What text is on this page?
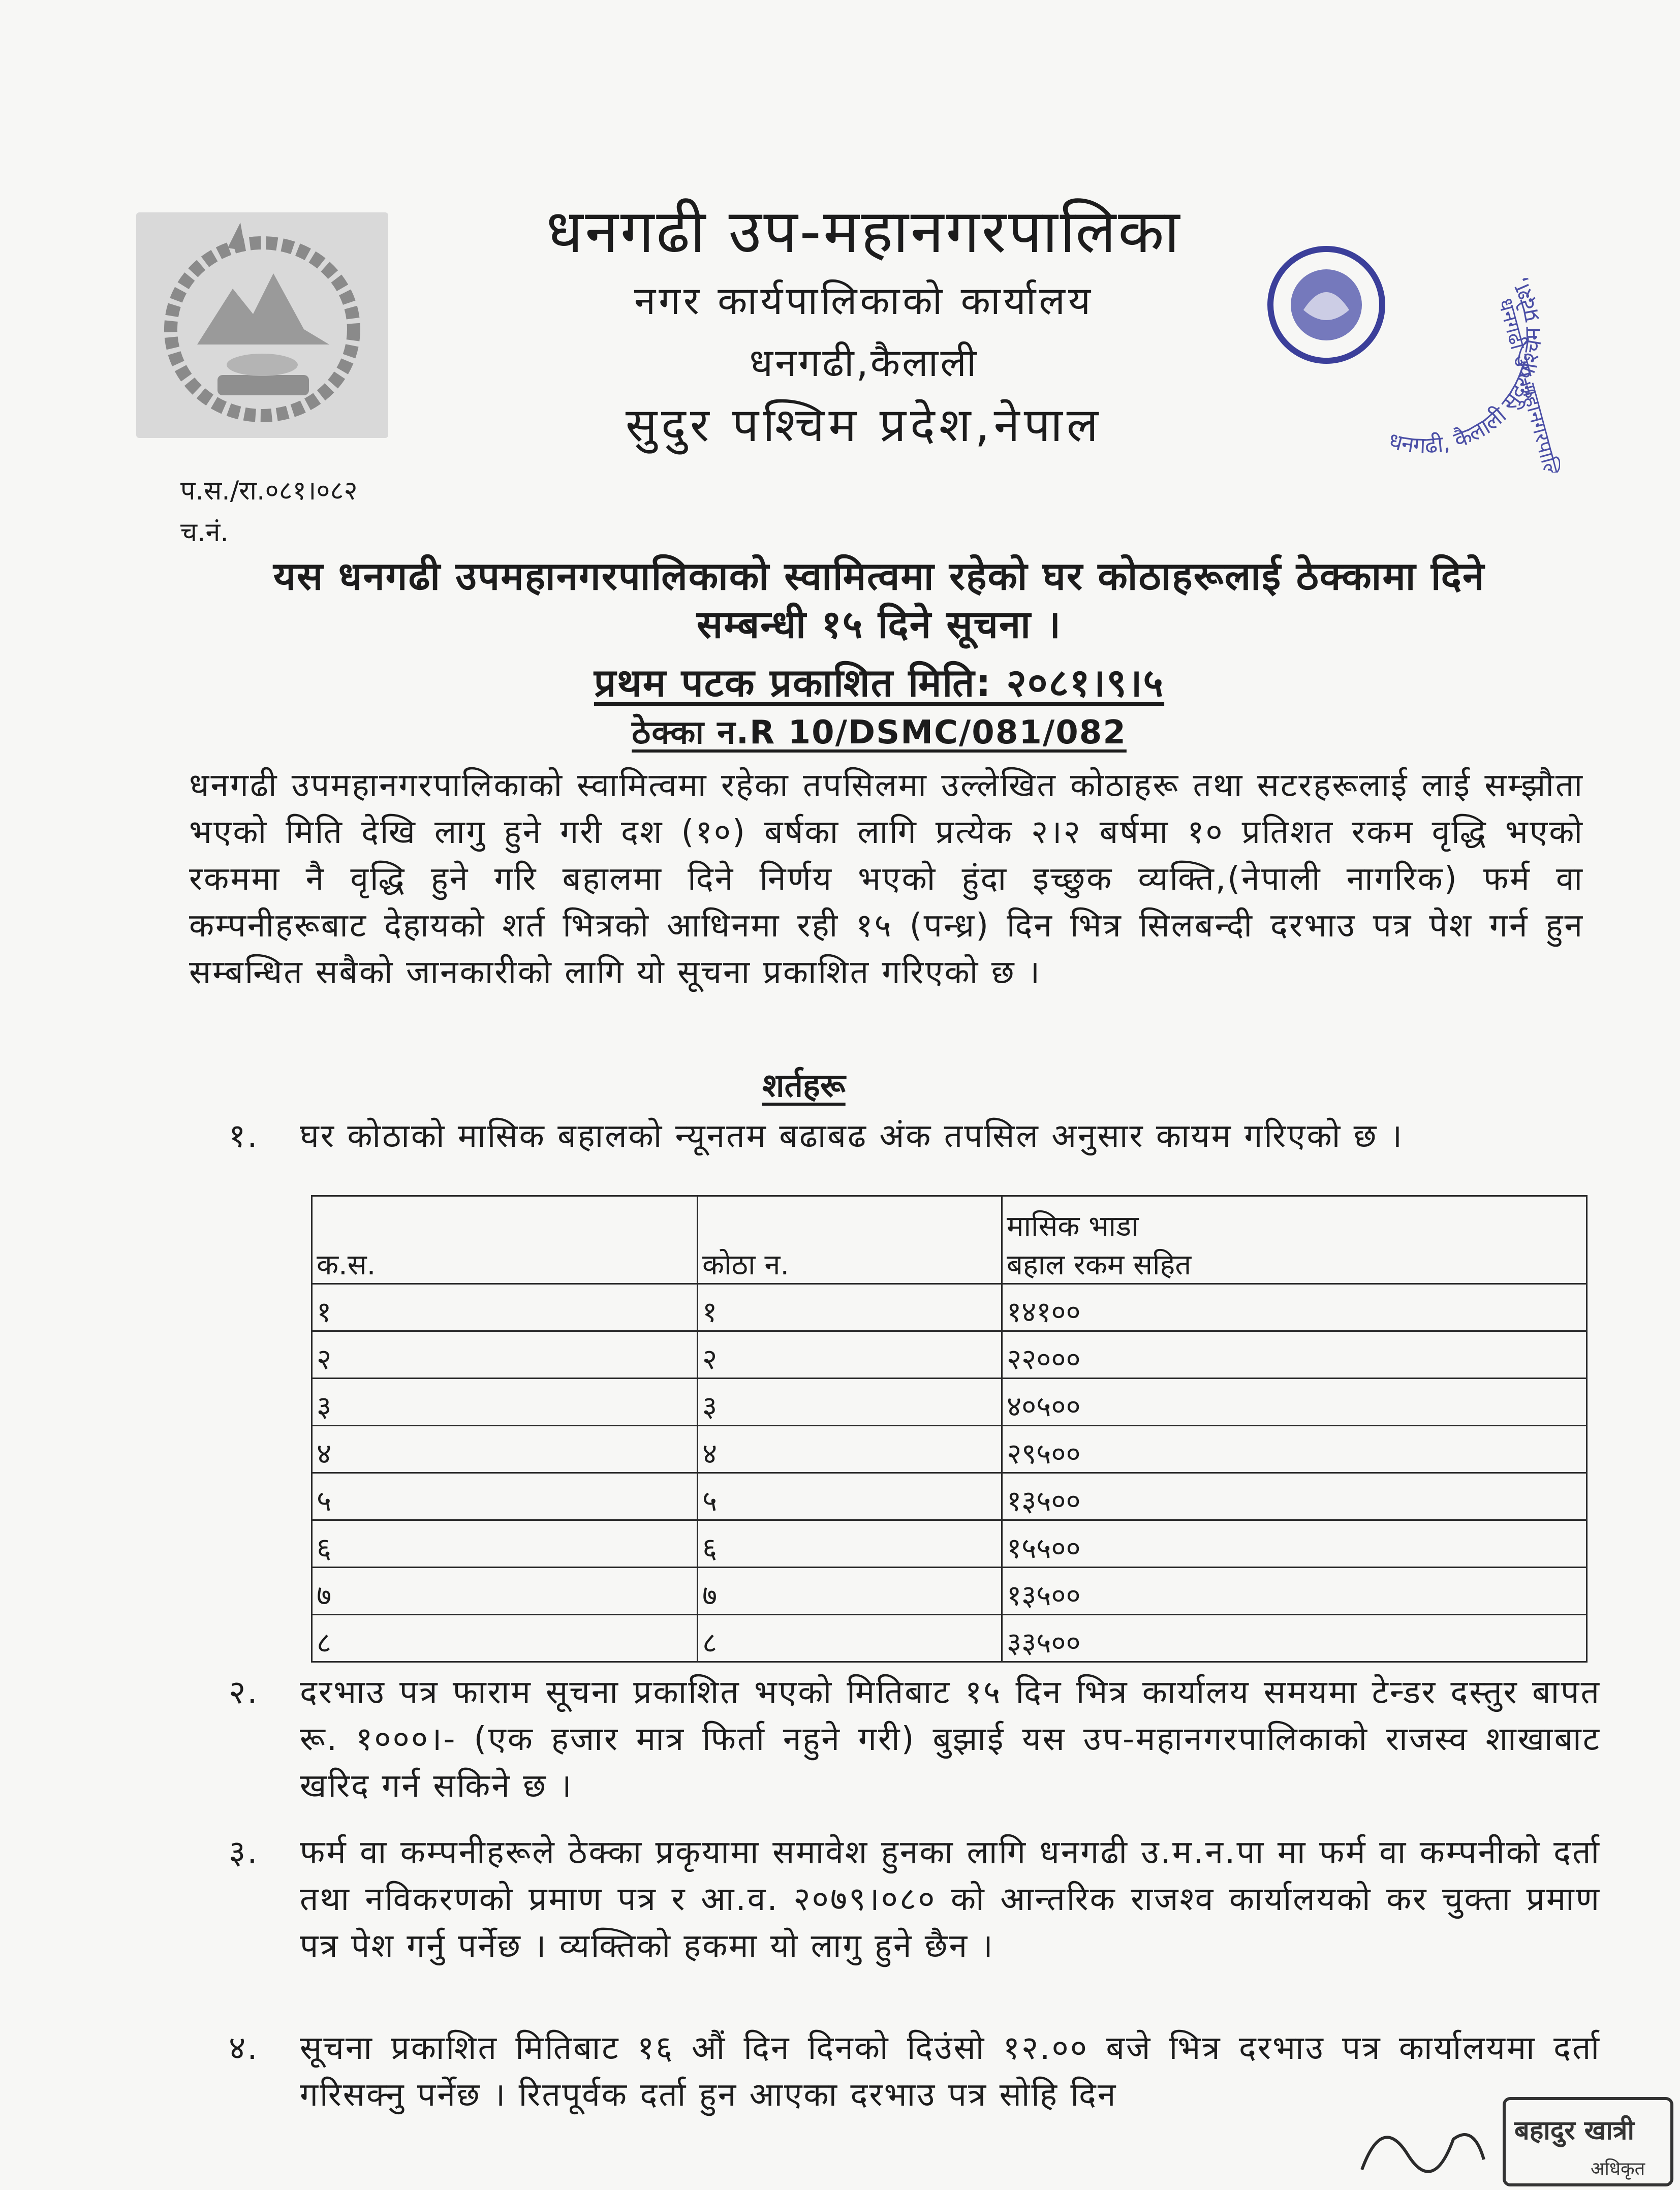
धनगढी उप-महानगरपालिका
नगर कार्यपालिकाको कार्यालय
धनगढी,कैलाली
सुदुर पश्चिम प्रदेश,नेपाल	धनगढी, कैलाली सुदूरपश्चिम प्रदेश,
प.स./रा.०८१।०८२
च.नं.
यस धनगढी उपमहानगरपालिकाको स्वामित्वमा रहेको घर कोठाहरूलाई ठेक्कामा दिने
सम्बन्धी १५ दिने सूचना ।
प्रथम पटक प्रकाशित मिति: २०८१।९।५
ठेक्का न.R 10/DSMC/081/082
धनगढी उपमहानगरपालिकाको स्वामित्वमा रहेका तपसिलमा उल्लेखित कोठाहरू तथा सटरहरूलाई लाई सम्झौता भएको मिति देखि लागु हुने गरी दश (१०) बर्षका लागि प्रत्येक २।२ बर्षमा १० प्रतिशत रकम वृद्धि भएको रकममा नै वृद्धि हुने गरि बहालमा दिने निर्णय भएको हुंदा इच्छुक व्यक्ति,(नेपाली नागरिक) फर्म वा कम्पनीहरूबाट देहायको शर्त भित्रको आधिनमा रही १५ (पन्ध्र) दिन भित्र सिलबन्दी दरभाउ पत्र पेश गर्न हुन सम्बन्धित सबैको जानकारीको लागि यो सूचना प्रकाशित गरिएको छ ।
शर्तहरू
१.	घर कोठाको मासिक बहालको न्यूनतम बढाबढ अंक तपसिल अनुसार कायम गरिएको छ ।
क.स.	कोठा न.	मासिक भाडा
बहाल रकम सहित

१	१	१४१००
२	२	२२०००
३	३	४०५००
४	४	२९५००
५	५	१३५००
६	६	१५५००
७	७	१३५००
८	८	३३५००
२.	दरभाउ पत्र फाराम सूचना प्रकाशित भएको मितिबाट १५ दिन भित्र कार्यालय समयमा टेन्डर दस्तुर बापत रू. १०००।- (एक हजार मात्र फिर्ता नहुने गरी) बुझाई यस उप-महानगरपालिकाको राजस्व शाखाबाट खरिद गर्न सकिने छ ।
३.	फर्म वा कम्पनीहरूले ठेक्का प्रकृयामा समावेश हुनका लागि धनगढी उ.म.न.पा मा फर्म वा कम्पनीको दर्ता तथा नविकरणको प्रमाण पत्र र आ.व. २०७९।०८० को आन्तरिक राजश्व कार्यालयको कर चुक्ता प्रमाण पत्र पेश गर्नु पर्नेछ । व्यक्तिको हकमा यो लागु हुने छैन ।
४.	सूचना प्रकाशित मितिबाट १६ औं दिन दिनको दिउंसो १२.०० बजे भित्र दरभाउ पत्र कार्यालयमा दर्ता गरिसक्नु पर्नेछ । रितपूर्वक दर्ता हुन आएका दरभाउ पत्र सोहि दिन
बहादुर खात्री
अधिकृत
